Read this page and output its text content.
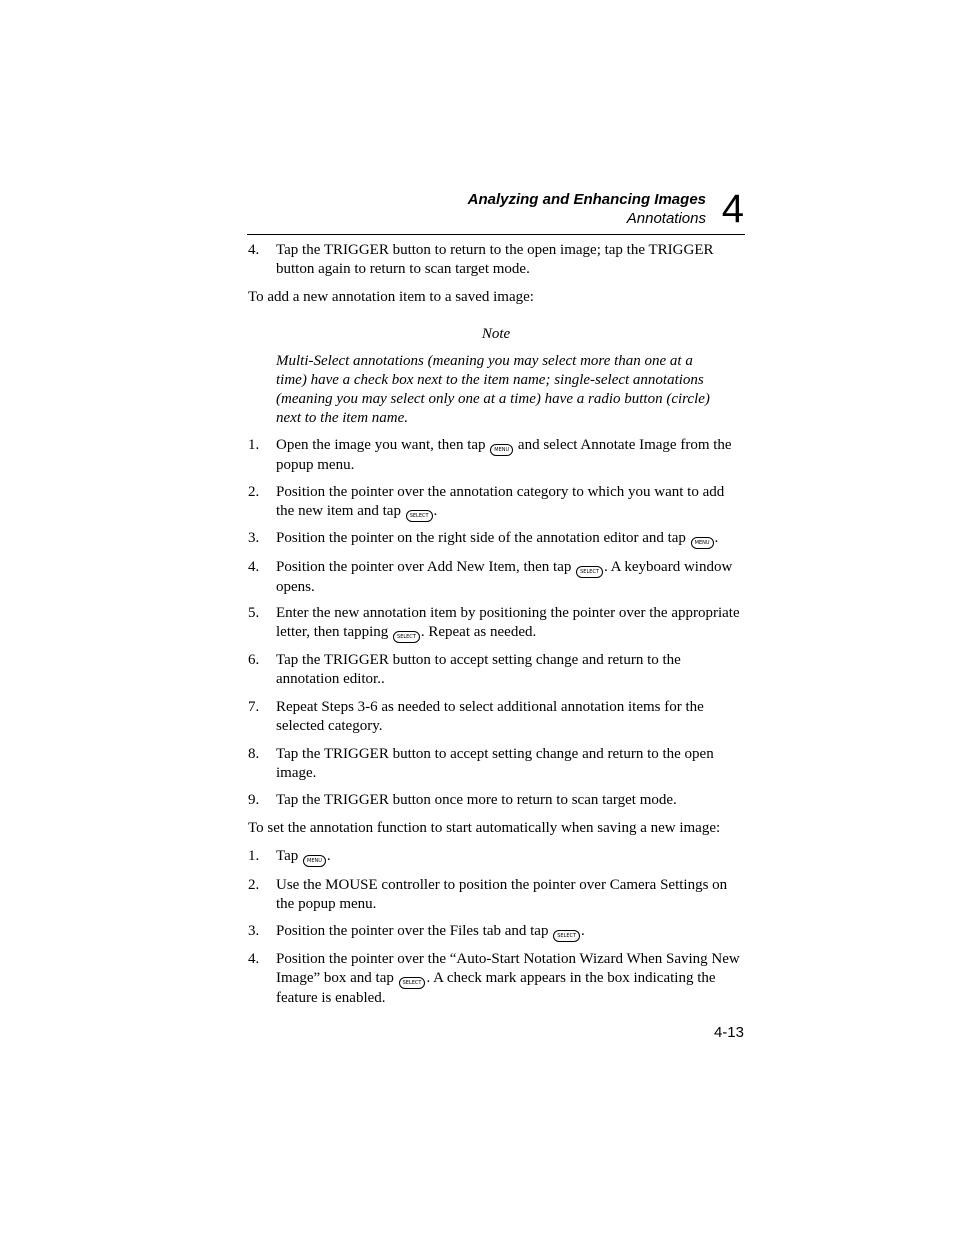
Analyzing and Enhancing Images
Annotations 4
4. Tap the TRIGGER button to return to the open image; tap the TRIGGER button again to return to scan target mode.
To add a new annotation item to a saved image:
Note
Multi-Select annotations (meaning you may select more than one at a time) have a check box next to the item name; single-select annotations (meaning you may select only one at a time) have a radio button (circle) next to the item name.
1. Open the image you want, then tap MENU and select Annotate Image from the popup menu.
2. Position the pointer over the annotation category to which you want to add the new item and tap SELECT .
3. Position the pointer on the right side of the annotation editor and tap MENU .
4. Position the pointer over Add New Item, then tap SELECT . A keyboard window opens.
5. Enter the new annotation item by positioning the pointer over the appropriate letter, then tapping SELECT . Repeat as needed.
6. Tap the TRIGGER button to accept setting change and return to the annotation editor..
7. Repeat Steps 3-6 as needed to select additional annotation items for the selected category.
8. Tap the TRIGGER button to accept setting change and return to the open image.
9. Tap the TRIGGER button once more to return to scan target mode.
To set the annotation function to start automatically when saving a new image:
1. Tap MENU .
2. Use the MOUSE controller to position the pointer over Camera Settings on the popup menu.
3. Position the pointer over the Files tab and tap SELECT .
4. Position the pointer over the “Auto-Start Notation Wizard When Saving New Image” box and tap SELECT . A check mark appears in the box indicating the feature is enabled.
4-13
